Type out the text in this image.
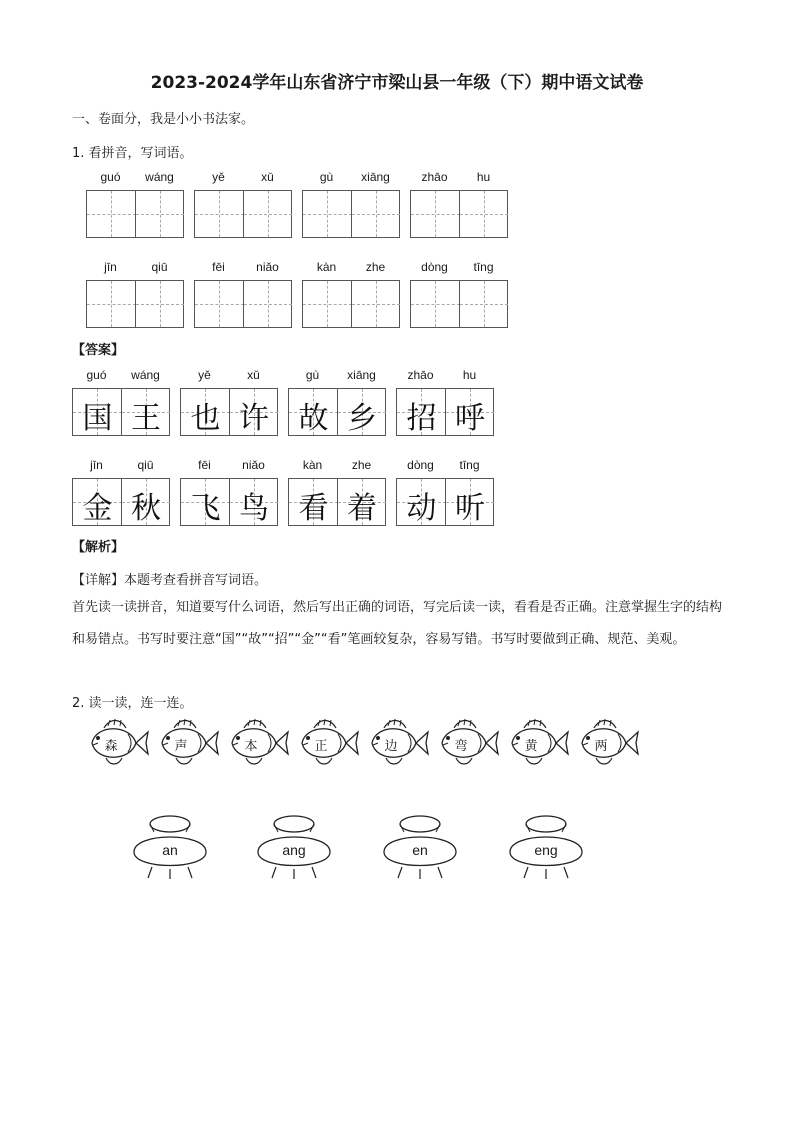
2023-2024学年山东省济宁市梁山县一年级（下）期中语文试卷
一、卷面分，我是小小书法家。
1. 看拼音，写词语。
guó	wáng	yě	xǔ	gù	xiāng	zhāo	hu
jīn	qiū	fēi	niǎo	kàn	zhe	dòng	tīng
【答案】
guó	wáng
国 王
yě	xǔ
也 许
gù	xiāng
故 乡
zhāo	hu
招 呼
jīn	qiū
金 秋
fēi	niǎo
飞 鸟
kàn	zhe
看 着
dòng	tīng
动 听
【解析】
【详解】本题考查看拼音写词语。
首先读一读拼音，知道要写什么词语，然后写出正确的词语，写完后读一读，看看是否正确。注意掌握生字的结构和易错点。书写时要注意“国”“故”“招”“金”“看”笔画较复杂，容易写错。书写时要做到正确、规范、美观。
2. 读一读，连一连。
森	声	本	正	边	弯	黄	两
an	ang	en	eng
